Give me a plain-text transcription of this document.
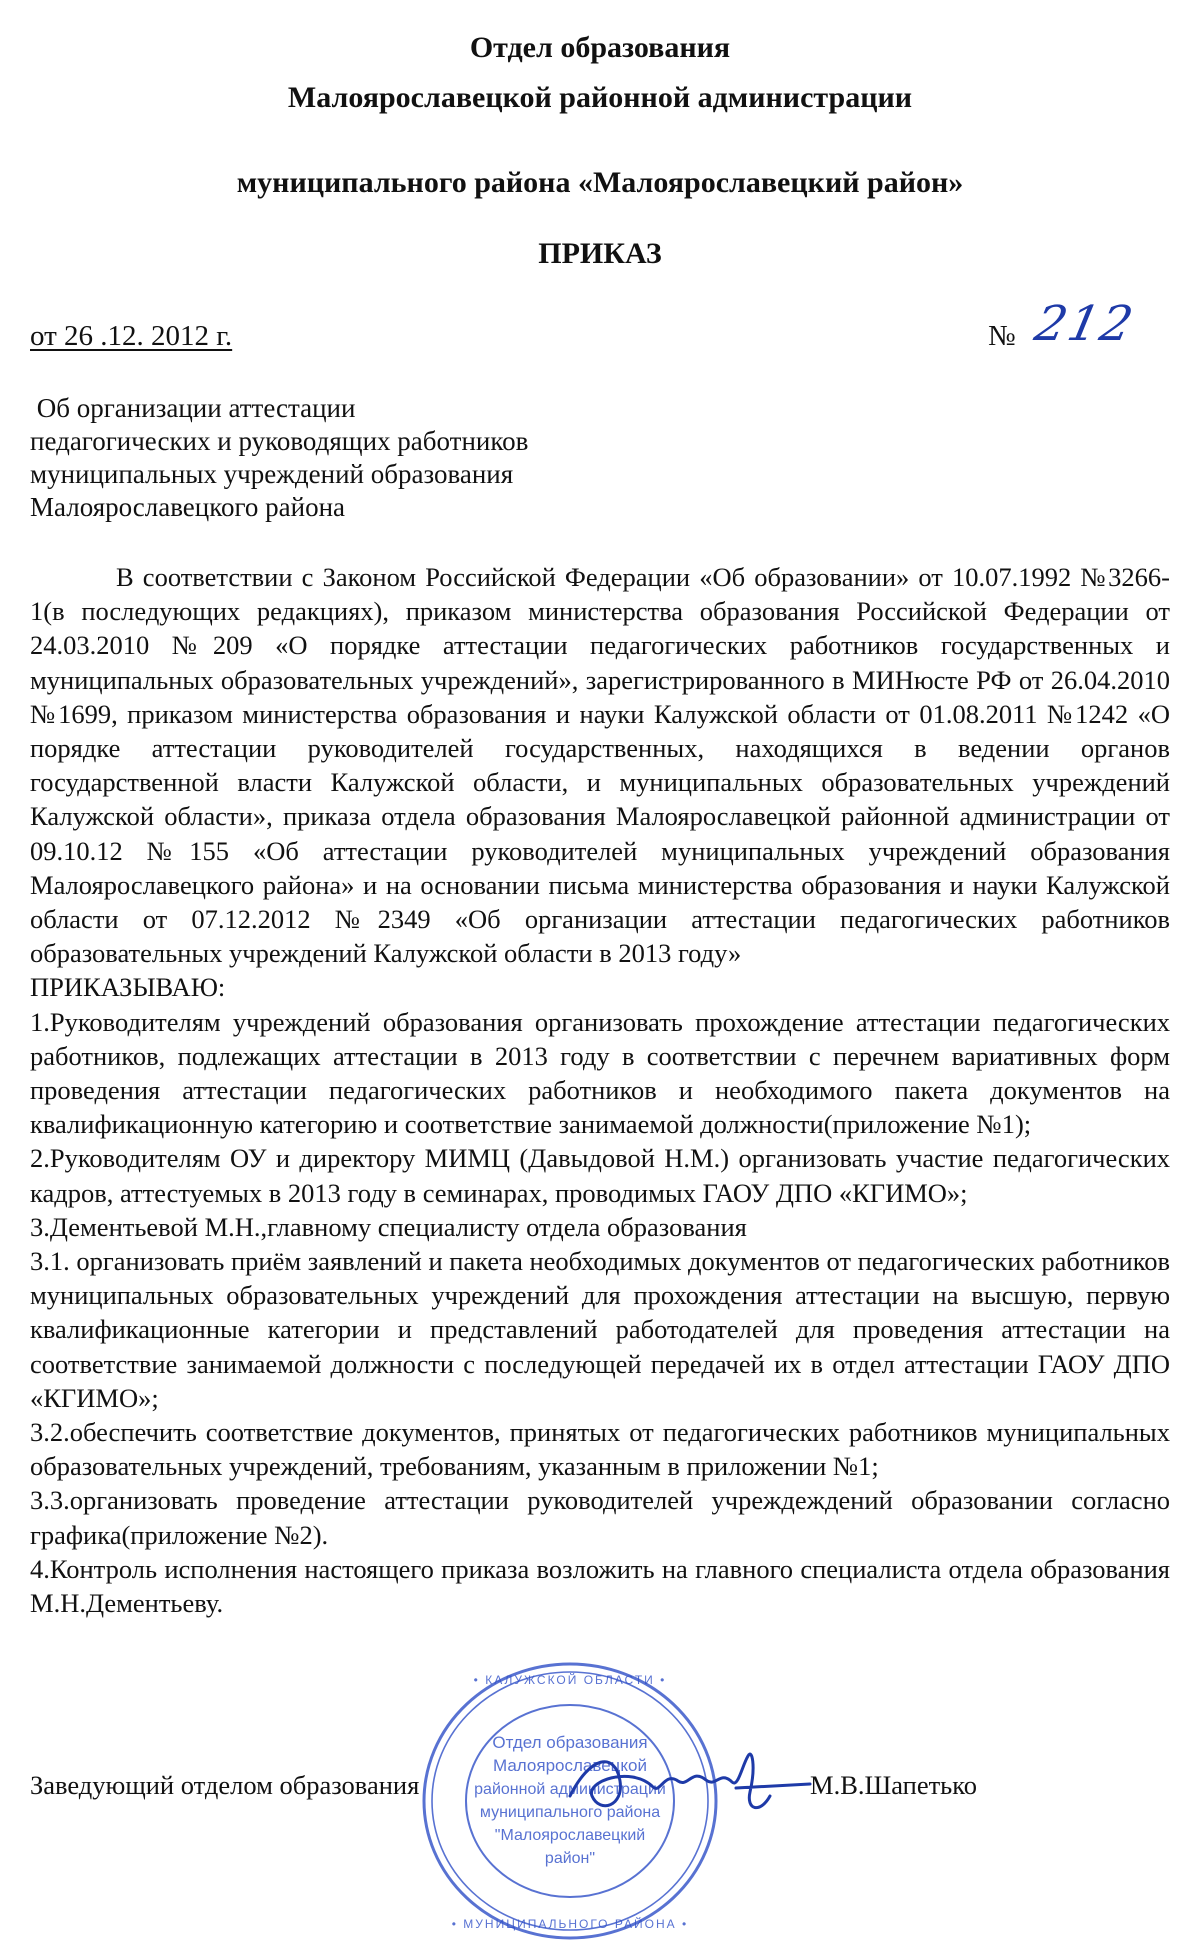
Отдел образования
Малоярославецкой районной администрации
муниципального района «Малоярославецкий район»
ПРИКАЗ
от 26 .12. 2012 г.	№ 212
Об организации аттестации
педагогических и руководящих работников
муниципальных учреждений образования
Малоярославецкого района

В соответствии с Законом Российской Федерации «Об образовании» от 10.07.1992 №3266-1(в последующих редакциях), приказом министерства образования Российской Федерации от 24.03.2010 №209 «О порядке аттестации педагогических работников государственных и муниципальных образовательных учреждений», зарегистрированного в МИНюсте РФ от 26.04.2010 №1699, приказом министерства образования и науки Калужской области от 01.08.2011 №1242 «О порядке аттестации руководителей государственных, находящихся в ведении органов государственной власти Калужской области, и муниципальных образовательных учреждений Калужской области», приказа отдела образования Малоярославецкой районной администрации от 09.10.12 №155 «Об аттестации руководителей муниципальных учреждений образования Малоярославецкого района» и на основании письма министерства образования и науки Калужской области от 07.12.2012 №2349 «Об организации аттестации педагогических работников образовательных учреждений Калужской области в 2013 году»

ПРИКАЗЫВАЮ:

1.Руководителям учреждений образования организовать прохождение аттестации педагогических работников, подлежащих аттестации в 2013 году в соответствии с перечнем вариативных форм проведения аттестации педагогических работников и необходимого пакета документов на квалификационную категорию и соответствие занимаемой должности(приложение №1);

2.Руководителям ОУ и директору МИМЦ (Давыдовой Н.М.) организовать участие педагогических кадров, аттестуемых в 2013 году в семинарах, проводимых ГАОУ ДПО «КГИМО»;

3.Дементьевой М.Н.,главному специалисту отдела образования

3.1. организовать приём заявлений и пакета необходимых документов от педагогических работников муниципальных образовательных учреждений для прохождения аттестации на высшую, первую квалификационные категории и представлений работодателей для проведения аттестации на соответствие занимаемой должности с последующей передачей их в отдел аттестации ГАОУ ДПО «КГИМО»;

3.2.обеспечить соответствие документов, принятых от педагогических работников муниципальных образовательных учреждений, требованиям, указанным в приложении №1;

3.3.организовать проведение аттестации руководителей учреждеждений образовании согласно графика(приложение №2).

4.Контроль исполнения настоящего приказа возложить на главного специалиста отдела образования М.Н.Дементьеву.

Заведующий отделом образования	М.В.Шапетько
Отдел образования
Малоярославецкой
районной администрации
муниципального района
"Малоярославецкий
район"
• КАЛУЖСКОЙ ОБЛАСТИ •
• МУНИЦИПАЛЬНОГО РАЙОНА •
